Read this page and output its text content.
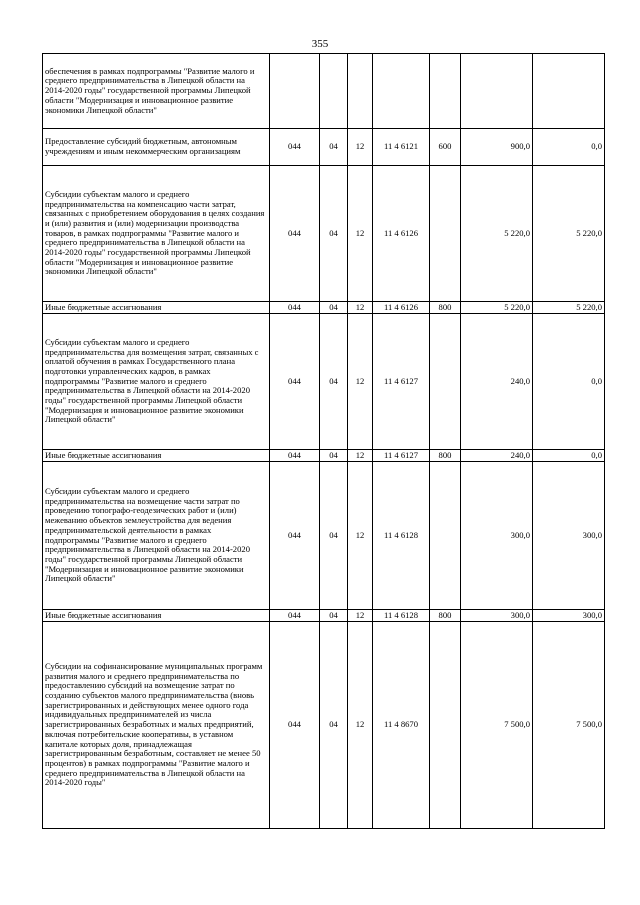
355
обеспечения в рамках подпрограммы "Развитие малого и среднего предпринимательства в Липецкой области на 2014-2020 годы" государственной программы Липецкой области "Модернизация и инновационное развитие экономики Липецкой области"							
Предоставление субсидий бюджетным, автономным учреждениям и иным некоммерческим организациям	044	04	12	11 4 6121	600	900,0	0,0
Субсидии субъектам малого и среднего предпринимательства на компенсацию части затрат, связанных с приобретением оборудования в целях создания и (или) развития и (или) модернизации производства товаров, в рамках подпрограммы "Развитие малого и среднего предпринимательства в Липецкой области на 2014-2020 годы" государственной программы Липецкой области "Модернизация и инновационное развитие экономики Липецкой области"	044	04	12	11 4 6126		5 220,0	5 220,0
Иные бюджетные ассигнования	044	04	12	11 4 6126	800	5 220,0	5 220,0
Субсидии субъектам малого и среднего предпринимательства для возмещения затрат, связанных с оплатой обучения в рамках Государственного плана подготовки управленческих кадров, в рамках подпрограммы "Развитие малого и среднего предпринимательства в Липецкой области на 2014-2020 годы" государственной программы Липецкой области "Модернизация и инновационное развитие экономики Липецкой области"	044	04	12	11 4 6127		240,0	0,0
Иные бюджетные ассигнования	044	04	12	11 4 6127	800	240,0	0,0
Субсидии субъектам малого и среднего предпринимательства на возмещение части затрат по проведению топографо-геодезических работ и (или) межеванию объектов землеустройства для ведения предпринимательской деятельности в рамках подпрограммы "Развитие малого и среднего предпринимательства в Липецкой области на 2014-2020 годы" государственной программы Липецкой области "Модернизация и инновационное развитие экономики Липецкой области"	044	04	12	11 4 6128		300,0	300,0
Иные бюджетные ассигнования	044	04	12	11 4 6128	800	300,0	300,0
Субсидии на софинансирование муниципальных программ развития малого и среднего предпринимательства по предоставлению субсидий на возмещение затрат по созданию субъектов малого предпринимательства (вновь зарегистрированных и действующих менее одного года индивидуальных предпринимателей из числа зарегистрированных безработных и малых предприятий, включая потребительские кооперативы, в уставном капитале которых доля, принадлежащая зарегистрированным безработным, составляет не менее 50 процентов) в рамках подпрограммы "Развитие малого и среднего предпринимательства в Липецкой области на 2014-2020 годы"	044	04	12	11 4 8670		7 500,0	7 500,0
